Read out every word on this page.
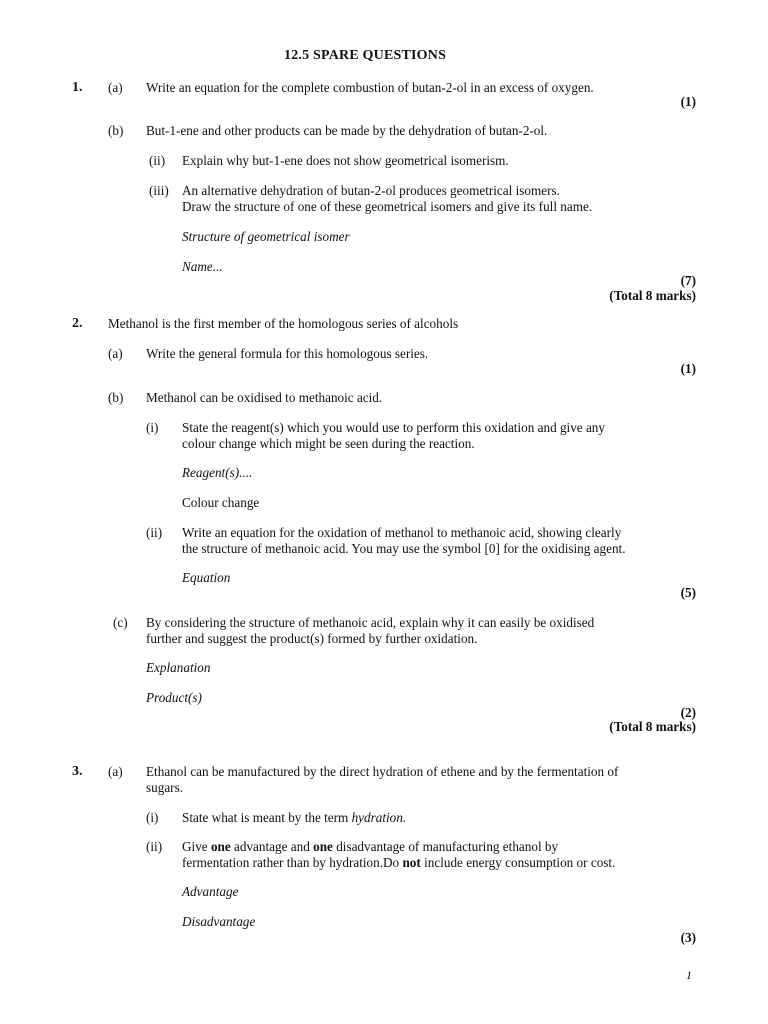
12.5 SPARE QUESTIONS
1. (a) Write an equation for the complete combustion of butan-2-ol in an excess of oxygen.
(1)
(b) But-1-ene and other products can be made by the dehydration of butan-2-ol.
(ii) Explain why but-1-ene does not show geometrical isomerism.
(iii) An alternative dehydration of butan-2-ol produces geometrical isomers.
Draw the structure of one of these geometrical isomers and give its full name.
Structure of geometrical isomer
Name...
(7)
(Total 8 marks)
2. Methanol is the first member of the homologous series of alcohols
(a) Write the general formula for this homologous series.
(1)
(b) Methanol can be oxidised to methanoic acid.
(i) State the reagent(s) which you would use to perform this oxidation and give any
colour change which might be seen during the reaction.
Reagent(s)....
Colour change
(ii) Write an equation for the oxidation of methanol to methanoic acid, showing clearly
the structure of methanoic acid. You may use the symbol [0] for the oxidising agent.
Equation
(5)
(c) By considering the structure of methanoic acid, explain why it can easily be oxidised
further and suggest the product(s) formed by further oxidation.
Explanation
Product(s)
(2)
(Total 8 marks)
3. (a) Ethanol can be manufactured by the direct hydration of ethene and by the fermentation of
sugars.
(i) State what is meant by the term hydration.
(ii) Give one advantage and one disadvantage of manufacturing ethanol by
fermentation rather than by hydration.Do not include energy consumption or cost.
Advantage
Disadvantage
(3)
1
